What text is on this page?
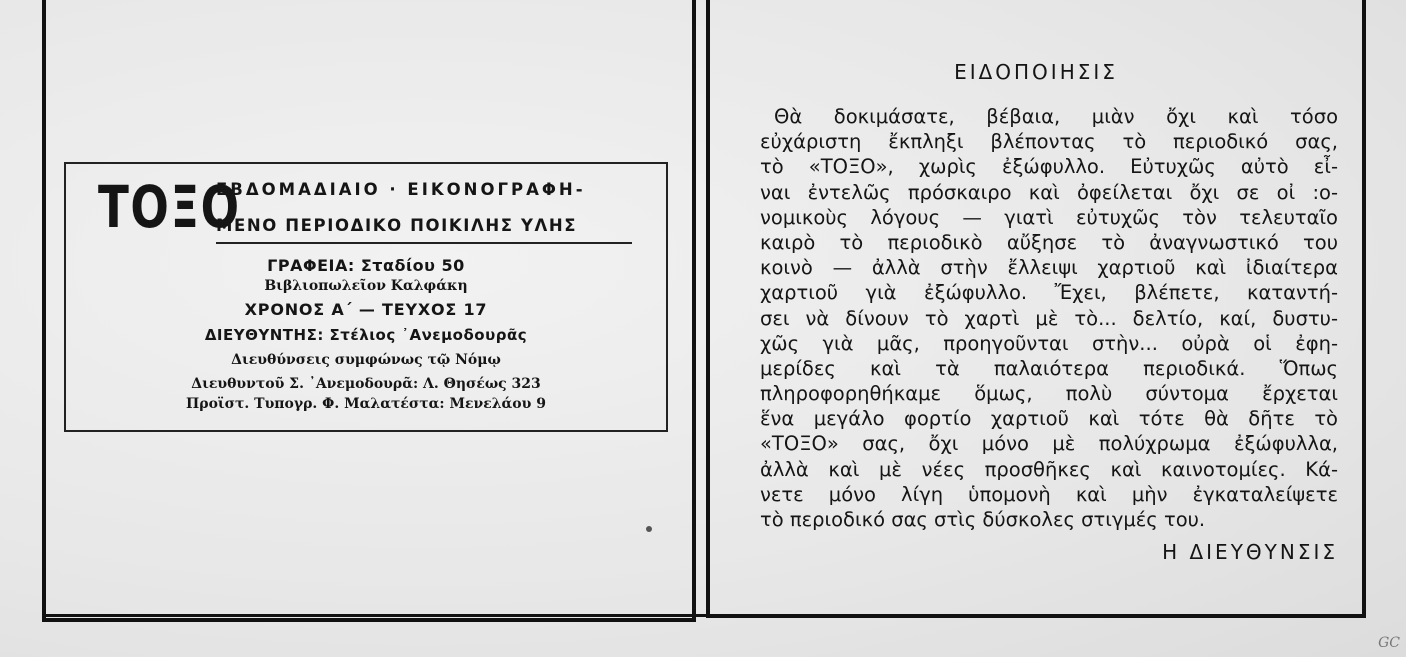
ΤΟΞΟ
ΕΒΔΟΜΑΔΙΑΙΟ · ΕΙΚΟΝΟΓΡΑΦΗ-
ΜΕΝΟ ΠΕΡΙΟΔΙΚΟ ΠΟΙΚΙΛΗΣ ΥΛΗΣ
ΓΡΑΦΕΙΑ: Σταδίου 50
Βιβλιοπωλεῖον Καλφάκη
ΧΡΟΝΟΣ Α΄ — ΤΕΥΧΟΣ 17
ΔΙΕΥΘΥΝΤΗΣ: Στέλιος ᾿Ανεμοδουρᾶς
Διευθύνσεις συμφώνως τῷ Νόμῳ
Διευθυντοῦ Σ. ᾿Ανεμοδουρᾶ: Λ. Θησέως 323
Προϊστ. Τυπογρ. Φ. Μαλατέστα: Μενελάου 9
ΕΙΔΟΠΟΙΗΣΙΣ
Θὰ δοκιμάσατε, βέβαια, μιὰν ὄχι καὶ τόσο
εὐχάριστη ἔκπληξι βλέποντας τὸ περιοδικό σας,
τὸ «ΤΟΞΟ», χωρὶς ἐξώφυλλο. Εὐτυχῶς αὐτὸ εἶ-
ναι ἐντελῶς πρόσκαιρο καὶ ὀφείλεται ὄχι σε οἰ :ο-
νομικοὺς λόγους — γιατὶ εὐτυχῶς τὸν τελευταῖο
καιρὸ τὸ περιοδικὸ αὔξησε τὸ ἀναγνωστικό του
κοινὸ — ἀλλὰ στὴν ἔλλειψι χαρτιοῦ καὶ ἰδιαίτερα
χαρτιοῦ γιὰ ἐξώφυλλο. Ἔχει, βλέπετε, καταντή-
σει νὰ δίνουν τὸ χαρτὶ μὲ τὸ... δελτίο, καί, δυστυ-
χῶς γιὰ μᾶς, προηγοῦνται στὴν... οὐρὰ οἱ ἐφη-
μερίδες καὶ τὰ παλαιότερα περιοδικά. Ὅπως
πληροφορηθήκαμε ὅμως, πολὺ σύντομα ἔρχεται
ἕνα μεγάλο φορτίο χαρτιοῦ καὶ τότε θὰ δῆτε τὸ
«ΤΟΞΟ» σας, ὄχι μόνο μὲ πολύχρωμα ἐξώφυλλα,
ἀλλὰ καὶ μὲ νέες προσθῆκες καὶ καινοτομίες. Κά-
νετε μόνο λίγη ὑπομονὴ καὶ μὴν ἐγκαταλείψετε
τὸ περιοδικό σας στὶς δύσκολες στιγμές του.
Η ΔΙΕΥΘΥΝΣΙΣ
GC
